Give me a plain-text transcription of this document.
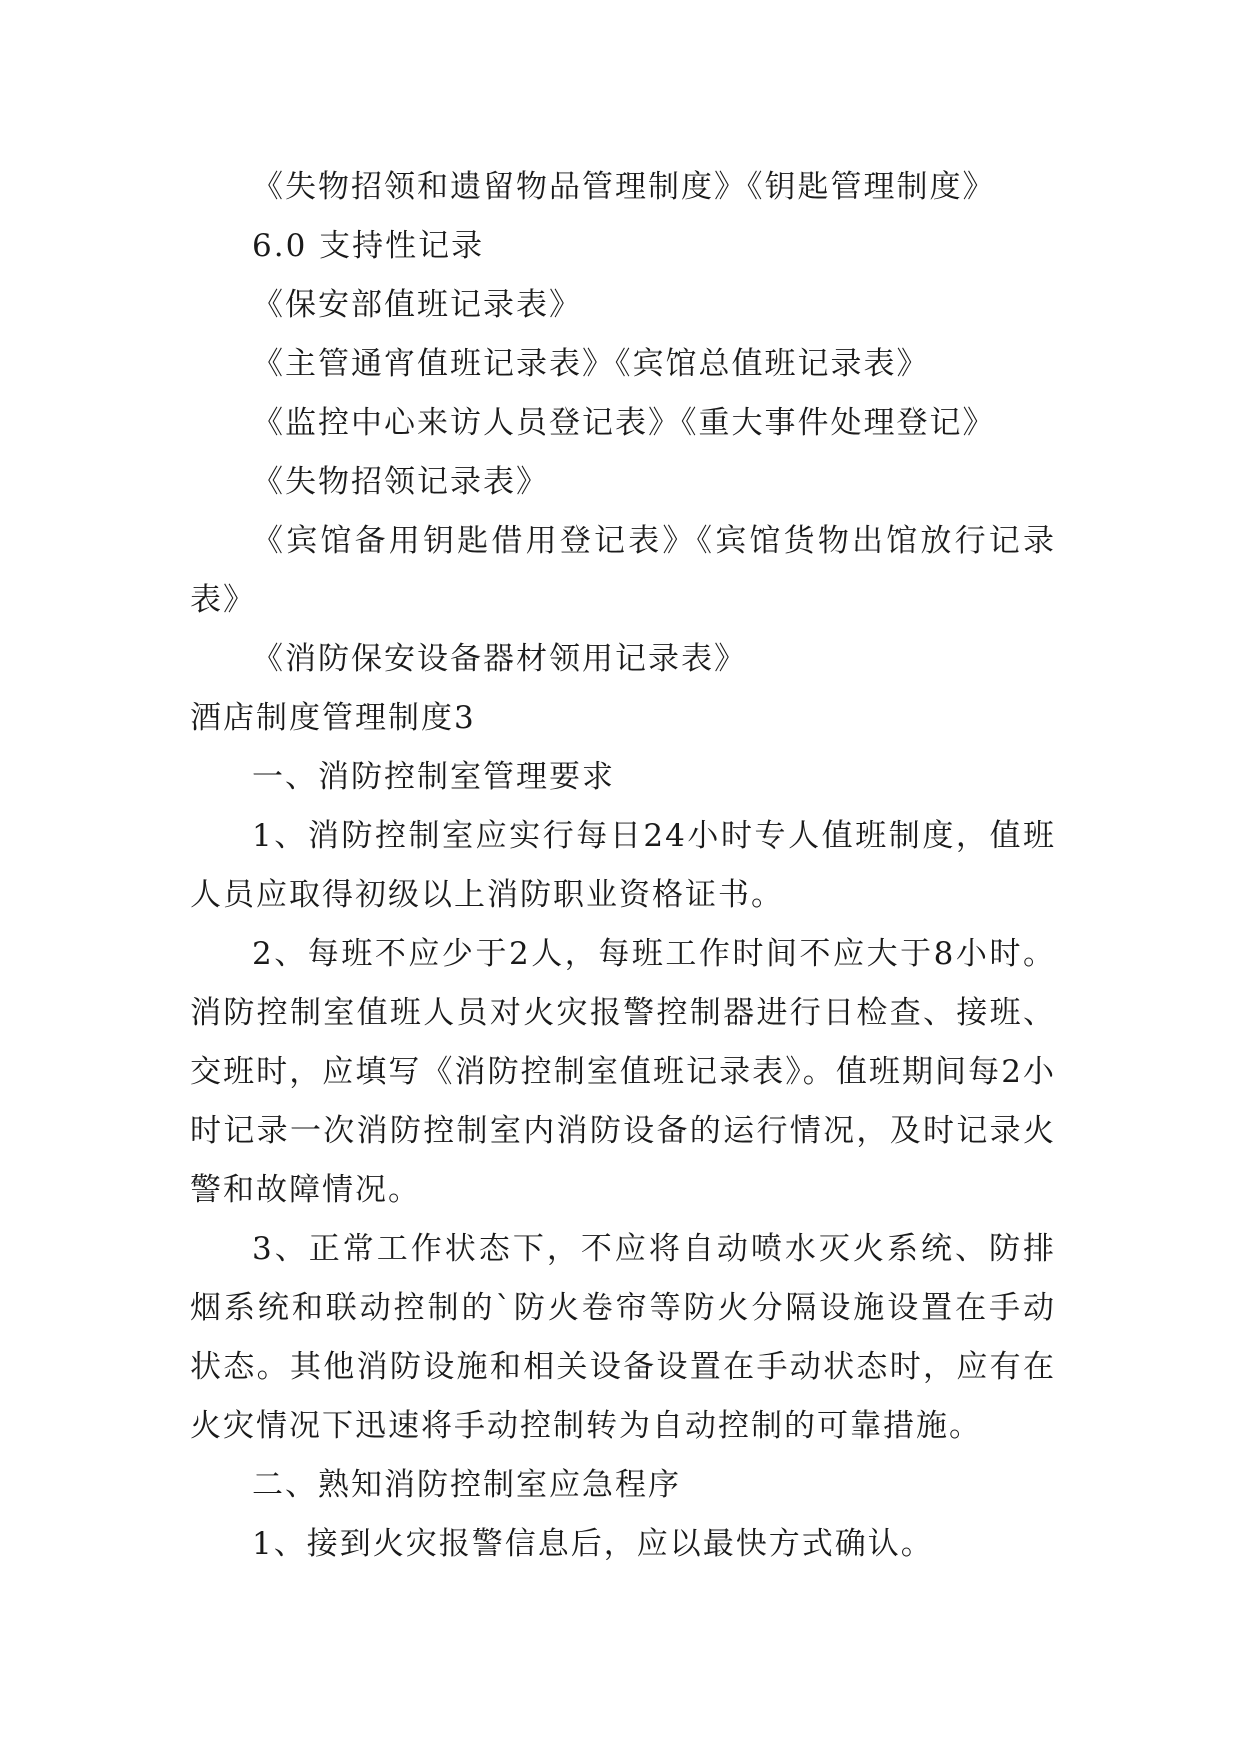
《失物招领和遗留物品管理制度》《钥匙管理制度》

6.0 支持性记录

《保安部值班记录表》

《主管通宵值班记录表》《宾馆总值班记录表》

《监控中心来访人员登记表》《重大事件处理登记》

《失物招领记录表》

《宾馆备用钥匙借用登记表》《宾馆货物出馆放行记录表》

《消防保安设备器材领用记录表》

酒店制度管理制度3

一、消防控制室管理要求

1、消防控制室应实行每日24小时专人值班制度，值班人员应取得初级以上消防职业资格证书。

2、每班不应少于2人，每班工作时间不应大于8小时。消防控制室值班人员对火灾报警控制器进行日检查、接班、交班时，应填写《消防控制室值班记录表》。值班期间每2小时记录一次消防控制室内消防设备的运行情况，及时记录火警和故障情况。

3、正常工作状态下，不应将自动喷水灭火系统、防排烟系统和联动控制的`防火卷帘等防火分隔设施设置在手动状态。其他消防设施和相关设备设置在手动状态时，应有在火灾情况下迅速将手动控制转为自动控制的可靠措施。

二、熟知消防控制室应急程序

1、接到火灾报警信息后，应以最快方式确认。
